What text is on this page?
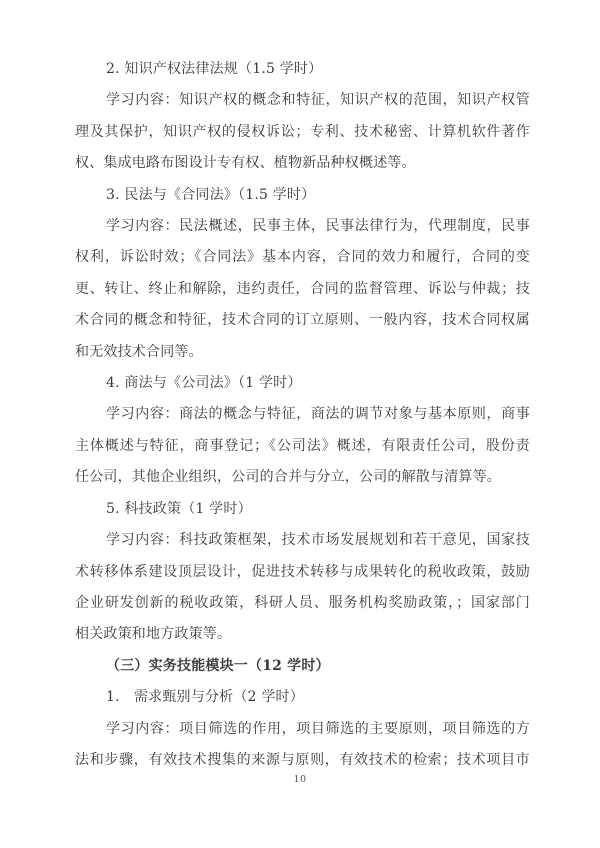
2. 知识产权法律法规（1.5 学时）
学习内容：知识产权的概念和特征，知识产权的范围，知识产权管
理及其保护，知识产权的侵权诉讼；专利、技术秘密、计算机软件著作
权、集成电路布图设计专有权、植物新品种权概述等。
3. 民法与《合同法》（1.5 学时）
学习内容：民法概述，民事主体，民事法律行为，代理制度，民事
权利，诉讼时效；《合同法》基本内容，合同的效力和履行，合同的变
更、转让、终止和解除，违约责任，合同的监督管理、诉讼与仲裁；技
术合同的概念和特征，技术合同的订立原则、一般内容，技术合同权属
和无效技术合同等。
4. 商法与《公司法》（1 学时）
学习内容：商法的概念与特征，商法的调节对象与基本原则，商事
主体概述与特征，商事登记；《公司法》概述，有限责任公司，股份责
任公司，其他企业组织，公司的合并与分立，公司的解散与清算等。
5. 科技政策（1 学时）
学习内容：科技政策框架，技术市场发展规划和若干意见，国家技
术转移体系建设顶层设计，促进技术转移与成果转化的税收政策，鼓励
企业研发创新的税收政策，科研人员、服务机构奖励政策，；国家部门
相关政策和地方政策等。
（三）实务技能模块一（12 学时）
1.　需求甄别与分析（2 学时）
学习内容：项目筛选的作用，项目筛选的主要原则，项目筛选的方
法和步骤，有效技术搜集的来源与原则，有效技术的检索；技术项目市
10
